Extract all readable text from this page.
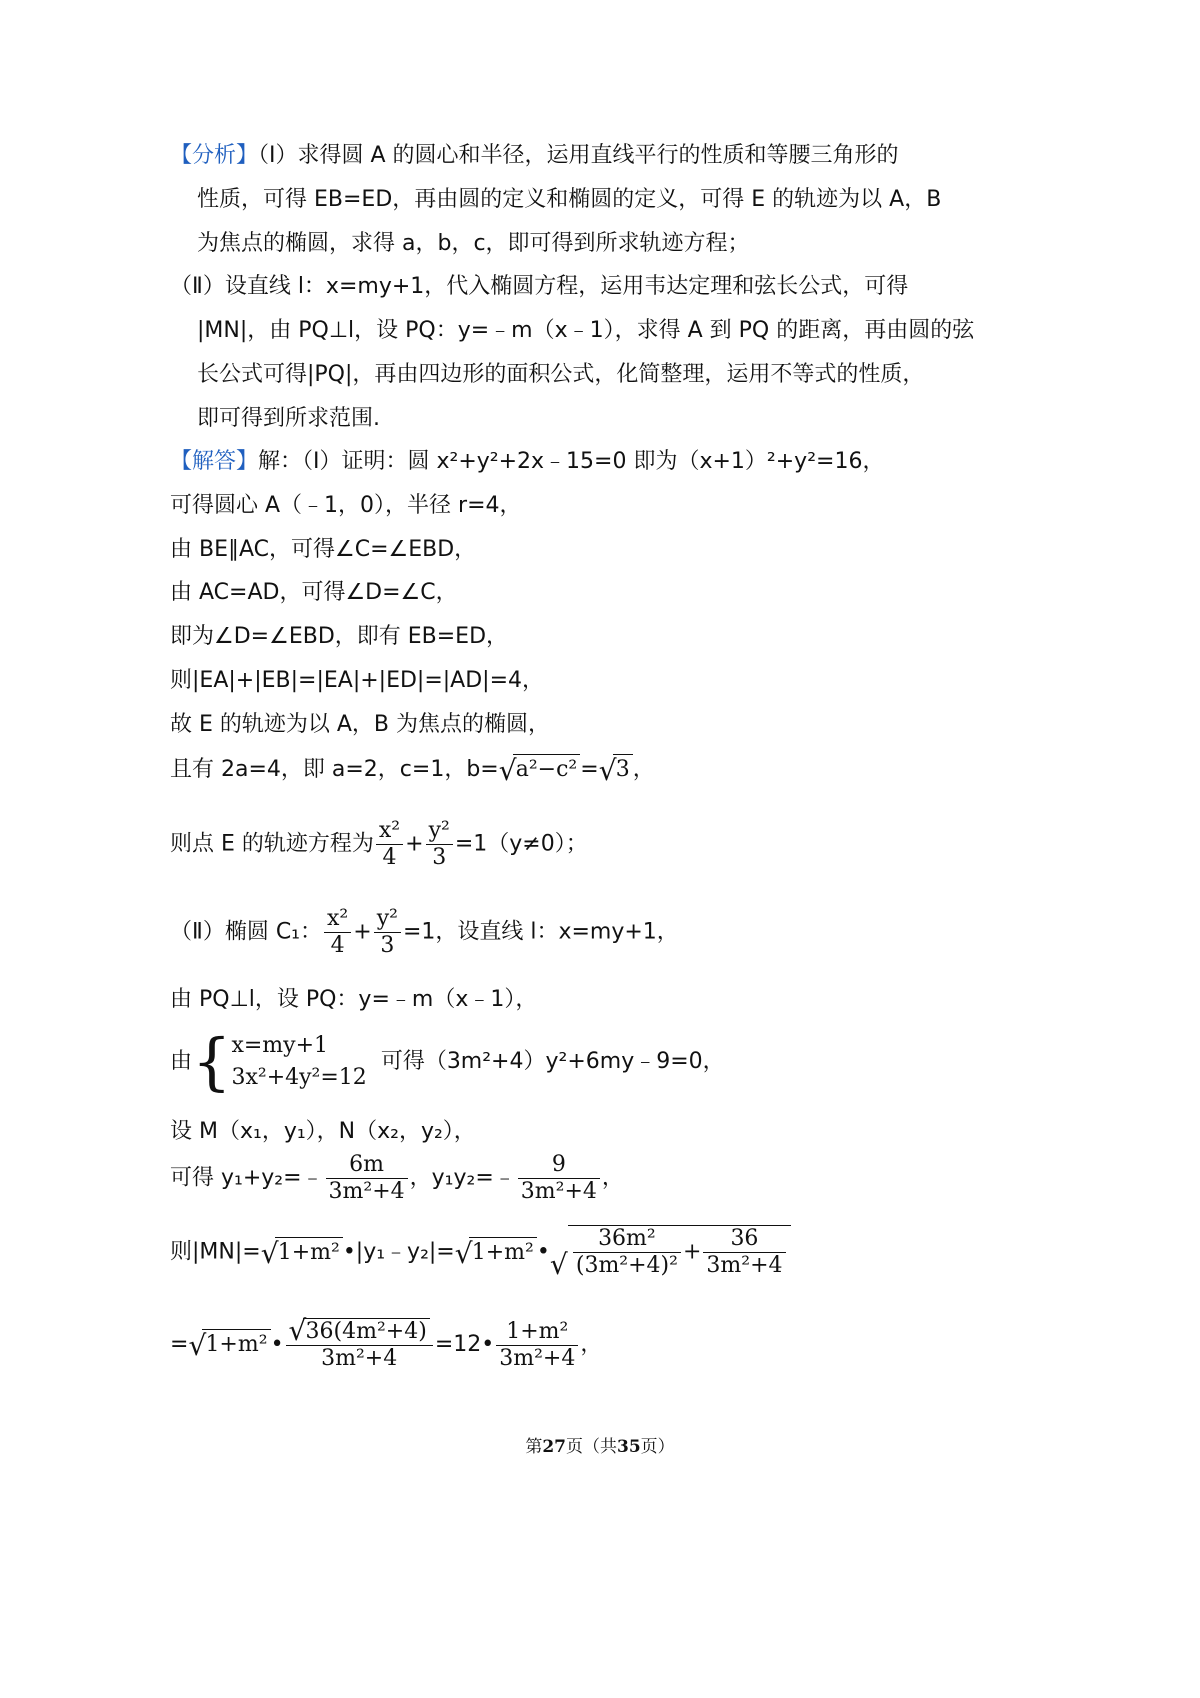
【分析】（Ⅰ）求得圆 A 的圆心和半径，运用直线平行的性质和等腰三角形的
性质，可得 EB=ED，再由圆的定义和椭圆的定义，可得 E 的轨迹为以 A，B
为焦点的椭圆，求得 a，b，c，即可得到所求轨迹方程；
（Ⅱ）设直线 l：x=my+1，代入椭圆方程，运用韦达定理和弦长公式，可得
|MN|，由 PQ⊥l，设 PQ：y=﹣m（x﹣1），求得 A 到 PQ 的距离，再由圆的弦
长公式可得|PQ|，再由四边形的面积公式，化简整理，运用不等式的性质，
即可得到所求范围.
【解答】解：（Ⅰ）证明：圆 x²+y²+2x﹣15=0 即为（x+1）²+y²=16，
可得圆心 A（﹣1，0），半径 r=4，
由 BE∥AC，可得∠C=∠EBD，
由 AC=AD，可得∠D=∠C，
即为∠D=∠EBD，即有 EB=ED，
则|EA|+|EB|=|EA|+|ED|=|AD|=4，
故 E 的轨迹为以 A，B 为焦点的椭圆，
且有 2a=4，即 a=2，c=1，b= √ a²−c² = √ 3 ，
则点 E 的轨迹方程为 $\frac{\text{x²}}{4} + \frac{\text{y²}}{3} =1(y\ne 0)$；
（Ⅱ）椭圆 C₁： $\frac{\text{x²}}{4} + \frac{\text{y²}}{3} =1$，设直线 l：x=my+1，
由 PQ⊥l，设 PQ：y=﹣m（x﹣1），
由{ x=my+1
3x²+4y²=12
可得（3m²+4）y²+6my﹣9=0，
设 M（x₁，y₁），N（x₂，y₂），
可得 y₁+y₂=﹣ $\frac{6m}{\text{3m²+4}}$ ，y₁y₂=﹣ $\frac{9}{\text{3m²+4}}$ ，
则|MN|= √ 1+m² •|y₁﹣y₂|= √ 1+m² • √ $\frac{\text{36m²}}{\text{(3m²+4)²}} + \frac{36}{\text{3m²+4}}$
= √ 1+m² • √ $\frac{\text{36(4m²+4)}}{\text{3m²+4}}$ =12• $\frac{\text{1+m²}}{\text{3m²+4}}$ ，
第27页（共35页）
